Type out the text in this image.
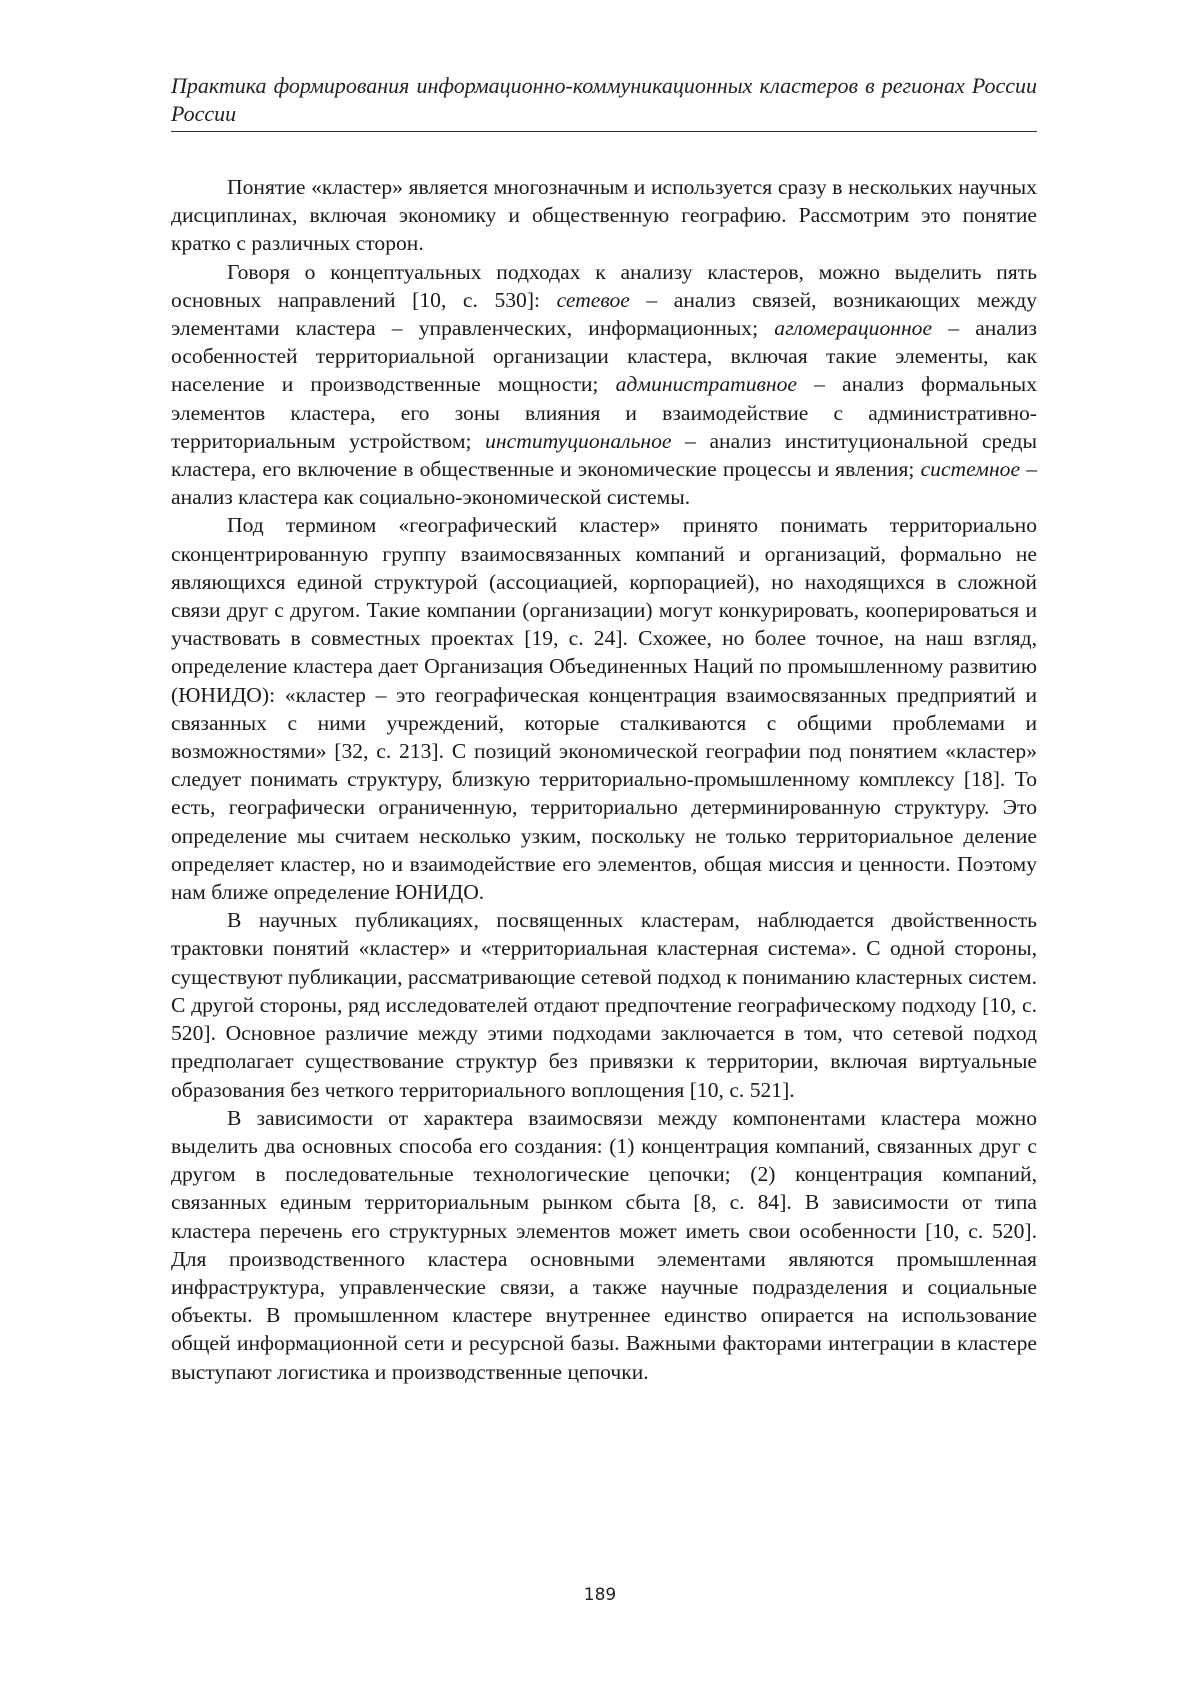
Практика формирования информационно-коммуникационных кластеров в регионах России России

Понятие «кластер» является многозначным и используется сразу в нескольких научных дисциплинах, включая экономику и общественную географию. Рассмотрим это понятие кратко с различных сторон.

Говоря о концептуальных подходах к анализу кластеров, можно выделить пять основных направлений [10, с. 530]: сетевое – анализ связей, возникающих между элементами кластера – управленческих, информационных; агломерационное – анализ особенностей территориальной организации кластера, включая такие элементы, как население и производственные мощности; административное – анализ формальных элементов кластера, его зоны влияния и взаимодействие с административно-территориальным устройством; институциональное – анализ институциональной среды кластера, его включение в общественные и экономические процессы и явления; системное – анализ кластера как социально-экономической системы.

Под термином «географический кластер» принято понимать территориально сконцентрированную группу взаимосвязанных компаний и организаций, формально не являющихся единой структурой (ассоциацией, корпорацией), но находящихся в сложной связи друг с другом. Такие компании (организации) могут конкурировать, кооперироваться и участвовать в совместных проектах [19, с. 24]. Схожее, но более точное, на наш взгляд, определение кластера дает Организация Объединенных Наций по промышленному развитию (ЮНИДО): «кластер – это географическая концентрация взаимосвязанных предприятий и связанных с ними учреждений, которые сталкиваются с общими проблемами и возможностями» [32, с. 213]. С позиций экономической географии под понятием «кластер» следует понимать структуру, близкую территориально-промышленному комплексу [18]. То есть, географически ограниченную, территориально детерминированную структуру. Это определение мы считаем несколько узким, поскольку не только территориальное деление определяет кластер, но и взаимодействие его элементов, общая миссия и ценности. Поэтому нам ближе определение ЮНИДО.

В научных публикациях, посвященных кластерам, наблюдается двойственность трактовки понятий «кластер» и «территориальная кластерная система». С одной стороны, существуют публикации, рассматривающие сетевой подход к пониманию кластерных систем. С другой стороны, ряд исследователей отдают предпочтение географическому подходу [10, с. 520]. Основное различие между этими подходами заключается в том, что сетевой подход предполагает существование структур без привязки к территории, включая виртуальные образования без четкого территориального воплощения [10, с. 521].

В зависимости от характера взаимосвязи между компонентами кластера можно выделить два основных способа его создания: (1) концентрация компаний, связанных друг с другом в последовательные технологические цепочки; (2) концентрация компаний, связанных единым территориальным рынком сбыта [8, с. 84]. В зависимости от типа кластера перечень его структурных элементов может иметь свои особенности [10, с. 520]. Для производственного кластера основными элементами являются промышленная инфраструктура, управленческие связи, а также научные подразделения и социальные объекты. В промышленном кластере внутреннее единство опирается на использование общей информационной сети и ресурсной базы. Важными факторами интеграции в кластере выступают логистика и производственные цепочки.

189
